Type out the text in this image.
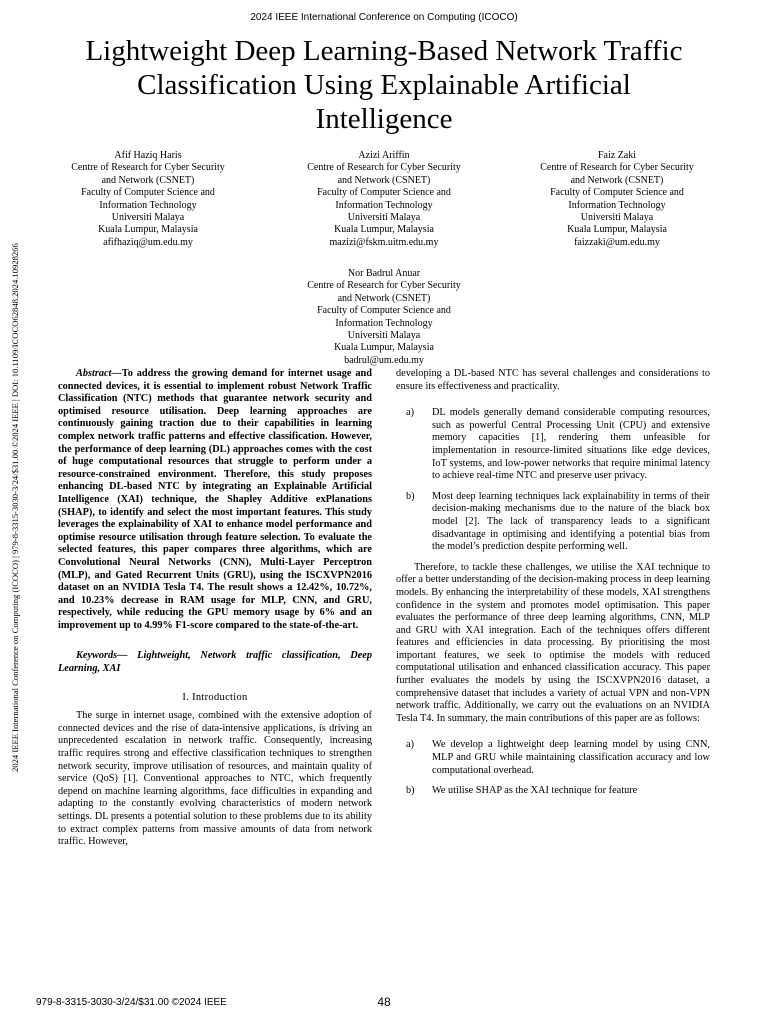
2024 IEEE International Conference on Computing (ICOCO)
Lightweight Deep Learning-Based Network Traffic
Classification Using Explainable Artificial
Intelligence
Afif Haziq Haris
Centre of Research for Cyber Security
and Network (CSNET)
Faculty of Computer Science and
Information Technology
Universiti Malaya
Kuala Lumpur, Malaysia
afifhaziq@um.edu.my
Azizi Ariffin
Centre of Research for Cyber Security
and Network (CSNET)
Faculty of Computer Science and
Information Technology
Universiti Malaya
Kuala Lumpur, Malaysia
mazizi@fskm.uitm.edu.my
Faiz Zaki
Centre of Research for Cyber Security
and Network (CSNET)
Faculty of Computer Science and
Information Technology
Universiti Malaya
Kuala Lumpur, Malaysia
faizzaki@um.edu.my
Nor Badrul Anuar
Centre of Research for Cyber Security
and Network (CSNET)
Faculty of Computer Science and
Information Technology
Universiti Malaya
Kuala Lumpur, Malaysia
badrul@um.edu.my
2024 IEEE International Conference on Computing (ICOCO) | 979-8-3315-3030-3/24/$31.00 ©2024 IEEE | DOI: 10.1109/ICOCO62848.2024.10928266	Abstract—To address the growing demand for internet usage and connected devices, it is essential to implement robust Network Traffic Classification (NTC) methods that guarantee network security and optimised resource utilisation. Deep learning approaches are continuously gaining traction due to their capabilities in learning complex network traffic patterns and effective classification. However, the performance of deep learning (DL) approaches comes with the cost of huge computational resources that struggle to perform under a resource-constrained environment. Therefore, this study proposes enhancing DL-based NTC by integrating an Explainable Artificial Intelligence (XAI) technique, the Shapley Additive exPlanations (SHAP), to identify and select the most important features. This study leverages the explainability of XAI to enhance model performance and optimise resource utilisation through feature selection. To evaluate the selected features, this paper compares three algorithms, which are Convolutional Neural Networks (CNN), Multi-Layer Perceptron (MLP), and Gated Recurrent Units (GRU), using the ISCXVPN2016 dataset on an NVIDIA Tesla T4. The result shows a 12.42%, 10.72%, and 10.23% decrease in RAM usage for MLP, CNN, and GRU, respectively, while reducing the GPU memory usage by 6% and an improvement up to 4.99% F1-score compared to the state-of-the-art.

Keywords— Lightweight, Network traffic classification, Deep Learning, XAI

I. Introduction

The surge in internet usage, combined with the extensive adoption of connected devices and the rise of data-intensive applications, is driving an unprecedented escalation in network traffic. Consequently, increasing traffic requires strong and effective classification techniques to strengthen network security, improve utilisation of resources, and maintain quality of service (QoS) [1]. Conventional approaches to NTC, which frequently depend on machine learning algorithms, face difficulties in expanding and adapting to the constantly evolving characteristics of modern network settings. DL presents a potential solution to these problems due to its ability to extract complex patterns from massive amounts of data from network traffic. However,

developing a DL-based NTC has several challenges and considerations to ensure its effectiveness and practicality.

a)	DL models generally demand considerable computing resources, such as powerful Central Processing Unit (CPU) and extensive memory capacities [1], rendering them unfeasible for implementation in resource-limited situations like edge devices, IoT systems, and low-power networks that require minimal latency to achieve real-time NTC and preserve user privacy.
b)	Most deep learning techniques lack explainability in terms of their decision-making mechanisms due to the nature of the black box model [2]. The lack of transparency leads to a significant disadvantage in optimising and identifying a potential bias from the model’s prediction despite performing well.

Therefore, to tackle these challenges, we utilise the XAI technique to offer a better understanding of the decision-making process in deep learning models. By enhancing the interpretability of these models, XAI strengthens confidence in the system and promotes model optimisation. This paper evaluates the performance of three deep learning algorithms, CNN, MLP and GRU with XAI integration. Each of the techniques offers different features and efficiencies in data processing. By prioritising the most important features, we seek to optimise the models with reduced computational utilisation and enhanced classification accuracy. This paper further evaluates the models by using the ISCXVPN2016 dataset, a comprehensive dataset that includes a variety of actual VPN and non-VPN network traffic. Additionally, we carry out the evaluations on an NVIDIA Tesla T4. In summary, the main contributions of this paper are as follows:

a)	We develop a lightweight deep learning model by using CNN, MLP and GRU while maintaining classification accuracy and low computational overhead.
b)	We utilise SHAP as the XAI technique for feature
979-8-3315-3030-3/24/$31.00 ©2024 IEEE	48
